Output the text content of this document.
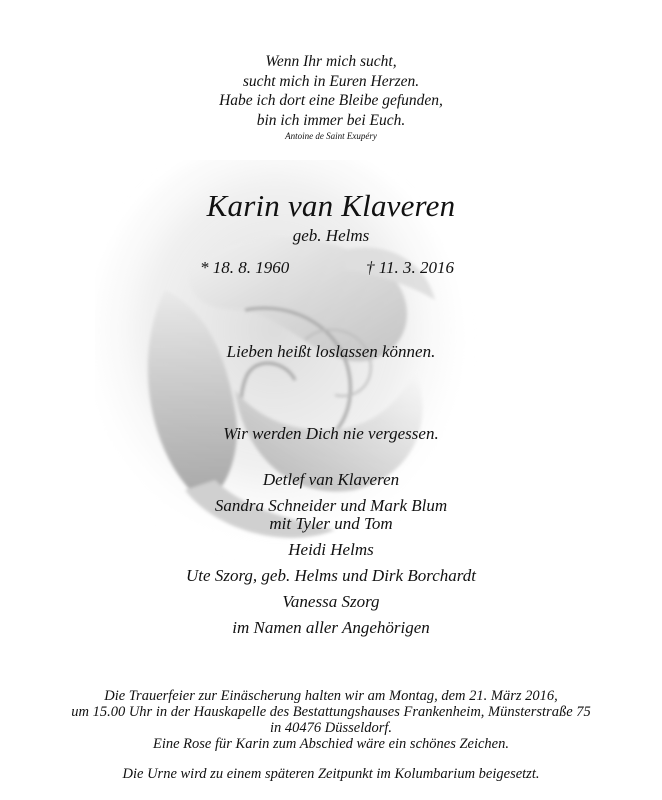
Wenn Ihr mich sucht,
sucht mich in Euren Herzen.
Habe ich dort eine Bleibe gefunden,
bin ich immer bei Euch.
Antoine de Saint Exupéry
Karin van Klaveren
geb. Helms
* 18. 8. 1960	† 11. 3. 2016
Lieben heißt loslassen können.
Wir werden Dich nie vergessen.
Detlef van Klaveren
Sandra Schneider und Mark Blum
mit Tyler und Tom
Heidi Helms
Ute Szorg, geb. Helms und Dirk Borchardt
Vanessa Szorg
im Namen aller Angehörigen
Die Trauerfeier zur Einäscherung halten wir am Montag, dem 21. März 2016,
um 15.00 Uhr in der Hauskapelle des Bestattungshauses Frankenheim, Münsterstraße 75
in 40476 Düsseldorf.
Eine Rose für Karin zum Abschied wäre ein schönes Zeichen.
Die Urne wird zu einem späteren Zeitpunkt im Kolumbarium beigesetzt.
